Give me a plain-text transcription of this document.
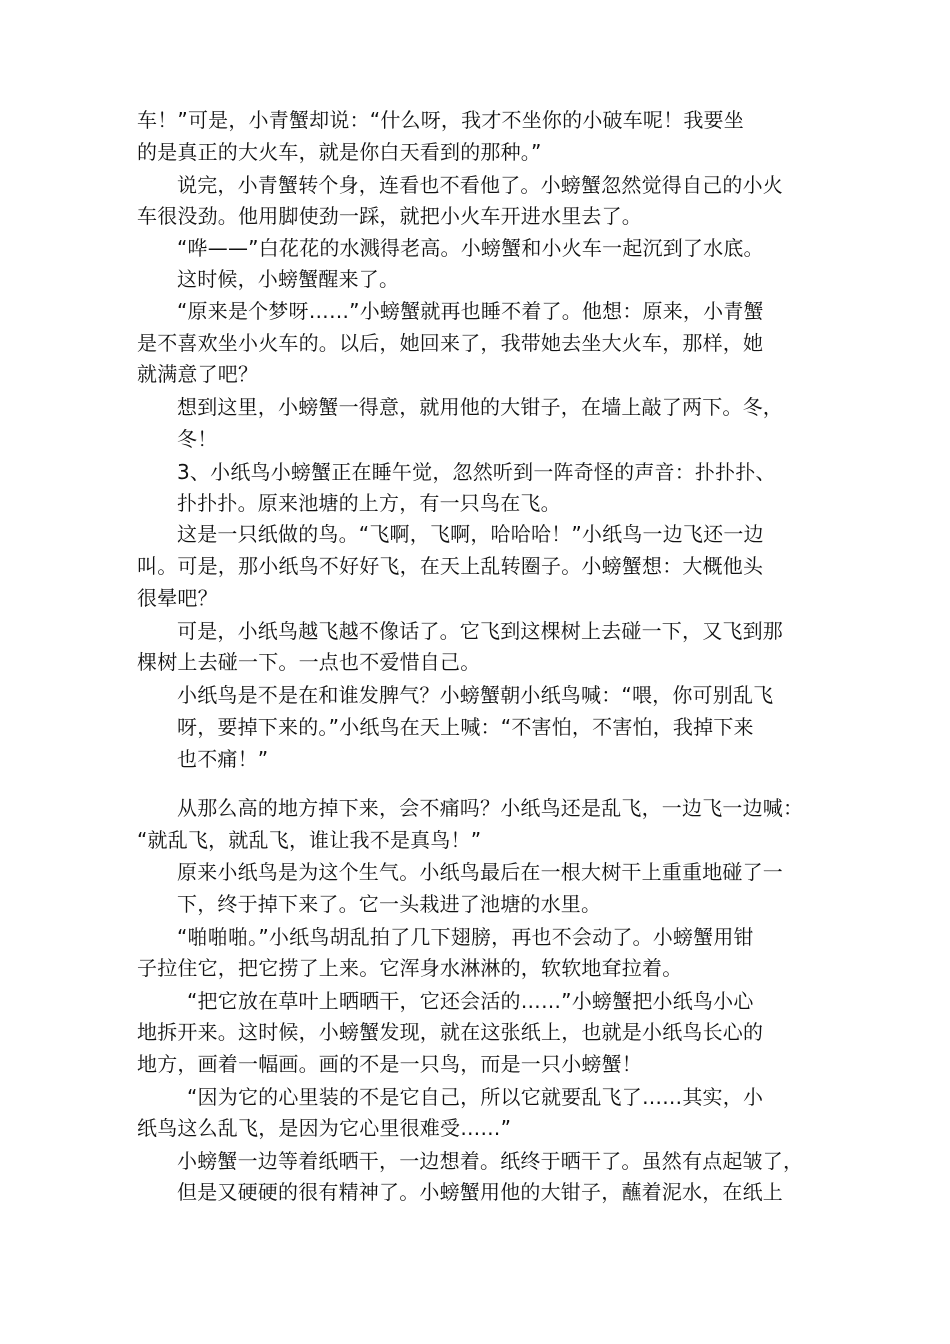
车！”可是，小青蟹却说：“什么呀，我才不坐你的小破车呢！我要坐
的是真正的大火车，就是你白天看到的那种。”
说完，小青蟹转个身，连看也不看他了。小螃蟹忽然觉得自己的小火
车很没劲。他用脚使劲一踩，就把小火车开进水里去了。
“哗——”白花花的水溅得老高。小螃蟹和小火车一起沉到了水底。
这时候，小螃蟹醒来了。
“原来是个梦呀……”小螃蟹就再也睡不着了。他想：原来，小青蟹
是不喜欢坐小火车的。以后，她回来了，我带她去坐大火车，那样，她
就满意了吧？
想到这里，小螃蟹一得意，就用他的大钳子，在墙上敲了两下。冬，
冬！
3、小纸鸟小螃蟹正在睡午觉，忽然听到一阵奇怪的声音：扑扑扑、
扑扑扑。原来池塘的上方，有一只鸟在飞。
这是一只纸做的鸟。“飞啊，飞啊，哈哈哈！”小纸鸟一边飞还一边
叫。可是，那小纸鸟不好好飞，在天上乱转圈子。小螃蟹想：大概他头
很晕吧？
可是，小纸鸟越飞越不像话了。它飞到这棵树上去碰一下，又飞到那
棵树上去碰一下。一点也不爱惜自己。
小纸鸟是不是在和谁发脾气？小螃蟹朝小纸鸟喊：“喂，你可别乱飞
呀，要掉下来的。”小纸鸟在天上喊：“不害怕，不害怕，我掉下来
也不痛！”
从那么高的地方掉下来，会不痛吗？小纸鸟还是乱飞，一边飞一边喊：
“就乱飞，就乱飞，谁让我不是真鸟！”
原来小纸鸟是为这个生气。小纸鸟最后在一根大树干上重重地碰了一
下，终于掉下来了。它一头栽进了池塘的水里。
“啪啪啪。”小纸鸟胡乱拍了几下翅膀，再也不会动了。小螃蟹用钳
子拉住它，把它捞了上来。它浑身水淋淋的，软软地耷拉着。
“把它放在草叶上晒晒干，它还会活的……”小螃蟹把小纸鸟小心
地拆开来。这时候，小螃蟹发现，就在这张纸上，也就是小纸鸟长心的
地方，画着一幅画。画的不是一只鸟，而是一只小螃蟹！
“因为它的心里装的不是它自己，所以它就要乱飞了……其实，小
纸鸟这么乱飞，是因为它心里很难受……”
小螃蟹一边等着纸晒干，一边想着。纸终于晒干了。虽然有点起皱了，
但是又硬硬的很有精神了。小螃蟹用他的大钳子，蘸着泥水，在纸上
